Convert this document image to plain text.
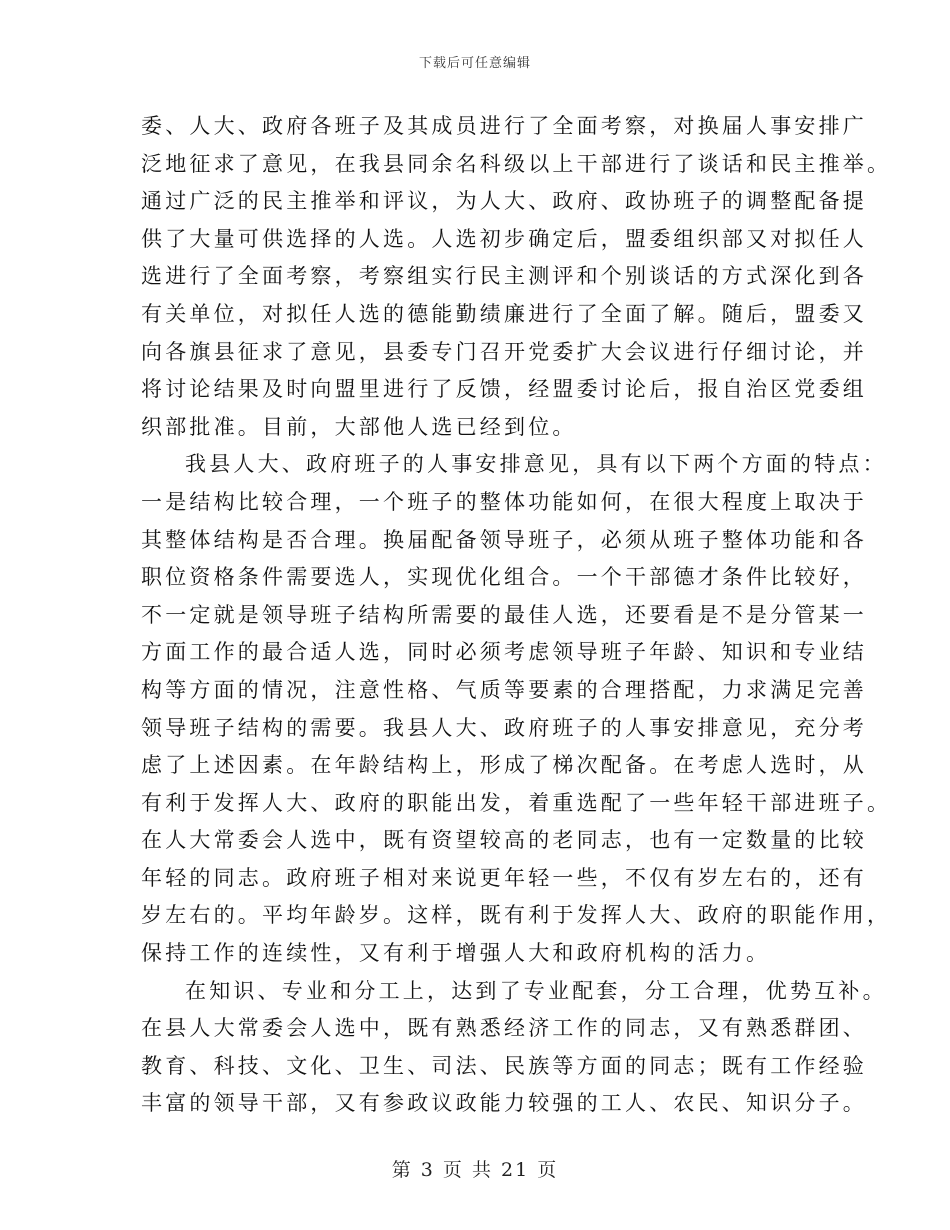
下载后可任意编辑
委、人大、政府各班子及其成员进行了全面考察，对换届人事安排广
泛地征求了意见，在我县同余名科级以上干部进行了谈话和民主推举。
通过广泛的民主推举和评议，为人大、政府、政协班子的调整配备提
供了大量可供选择的人选。人选初步确定后，盟委组织部又对拟任人
选进行了全面考察，考察组实行民主测评和个别谈话的方式深化到各
有关单位，对拟任人选的德能勤绩廉进行了全面了解。随后，盟委又
向各旗县征求了意见，县委专门召开党委扩大会议进行仔细讨论，并
将讨论结果及时向盟里进行了反馈，经盟委讨论后，报自治区党委组
织部批准。目前，大部他人选已经到位。
我县人大、政府班子的人事安排意见，具有以下两个方面的特点：
一是结构比较合理，一个班子的整体功能如何，在很大程度上取决于
其整体结构是否合理。换届配备领导班子，必须从班子整体功能和各
职位资格条件需要选人，实现优化组合。一个干部德才条件比较好，
不一定就是领导班子结构所需要的最佳人选，还要看是不是分管某一
方面工作的最合适人选，同时必须考虑领导班子年龄、知识和专业结
构等方面的情况，注意性格、气质等要素的合理搭配，力求满足完善
领导班子结构的需要。我县人大、政府班子的人事安排意见，充分考
虑了上述因素。在年龄结构上，形成了梯次配备。在考虑人选时，从
有利于发挥人大、政府的职能出发，着重选配了一些年轻干部进班子。
在人大常委会人选中，既有资望较高的老同志，也有一定数量的比较
年轻的同志。政府班子相对来说更年轻一些，不仅有岁左右的，还有
岁左右的。平均年龄岁。这样，既有利于发挥人大、政府的职能作用，
保持工作的连续性，又有利于增强人大和政府机构的活力。
在知识、专业和分工上，达到了专业配套，分工合理，优势互补。
在县人大常委会人选中，既有熟悉经济工作的同志，又有熟悉群团、
教育、科技、文化、卫生、司法、民族等方面的同志；既有工作经验
丰富的领导干部，又有参政议政能力较强的工人、农民、知识分子。
第 3 页 共 21 页
